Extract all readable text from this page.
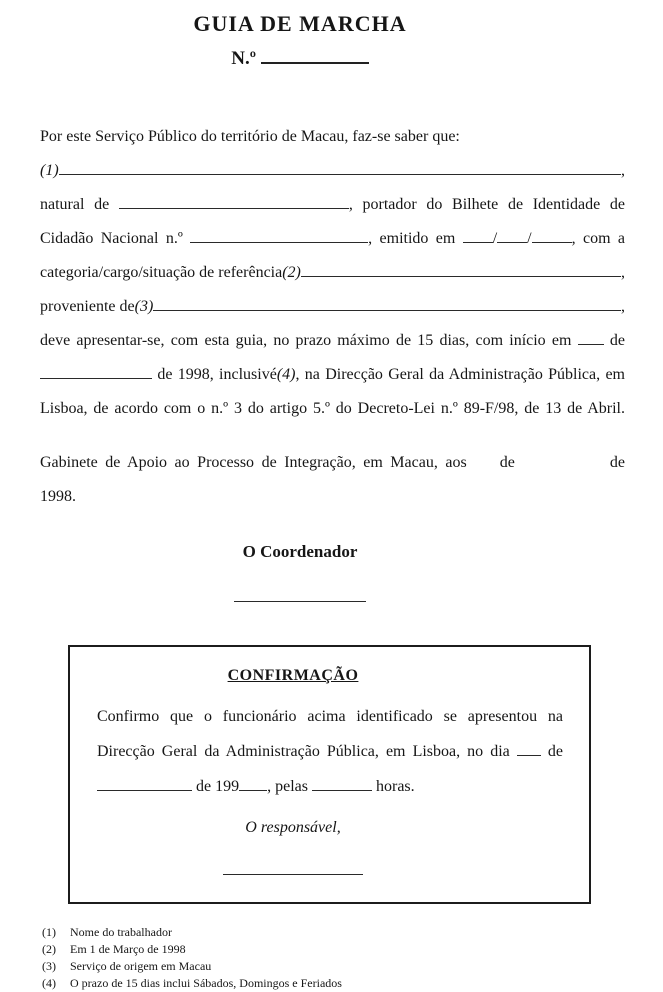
GUIA DE MARCHA
N.º
Por este Serviço Público do território de Macau, faz-se saber que:
(1)	,
natural de	, portador do Bilhete de Identidade de
Cidadão Nacional n.º	, emitido em / /	, com a
categoria/cargo/situação de referência (2)	,
proveniente de (3)	,
deve apresentar-se, com esta guia, no prazo máximo de 15 dias, com início em  de
de 1998, inclusivé(4), na Direcção Geral da Administração Pública, em
Lisboa, de acordo com o n.º 3 do artigo 5.º do Decreto-Lei n.º 89-F/98, de 13 de Abril.
Gabinete de Apoio ao Processo de Integração, em Macau, aos  de	de
1998.
O Coordenador
CONFIRMAÇÃO
Confirmo que o funcionário acima identificado se apresentou na
Direcção Geral da Administração Pública, em Lisboa, no dia  de
de 199 , pelas	horas.
O responsável,
(1) Nome do trabalhador
(2) Em 1 de Março de 1998
(3) Serviço de origem em Macau
(4) O prazo de 15 dias inclui Sábados, Domingos e Feriados
